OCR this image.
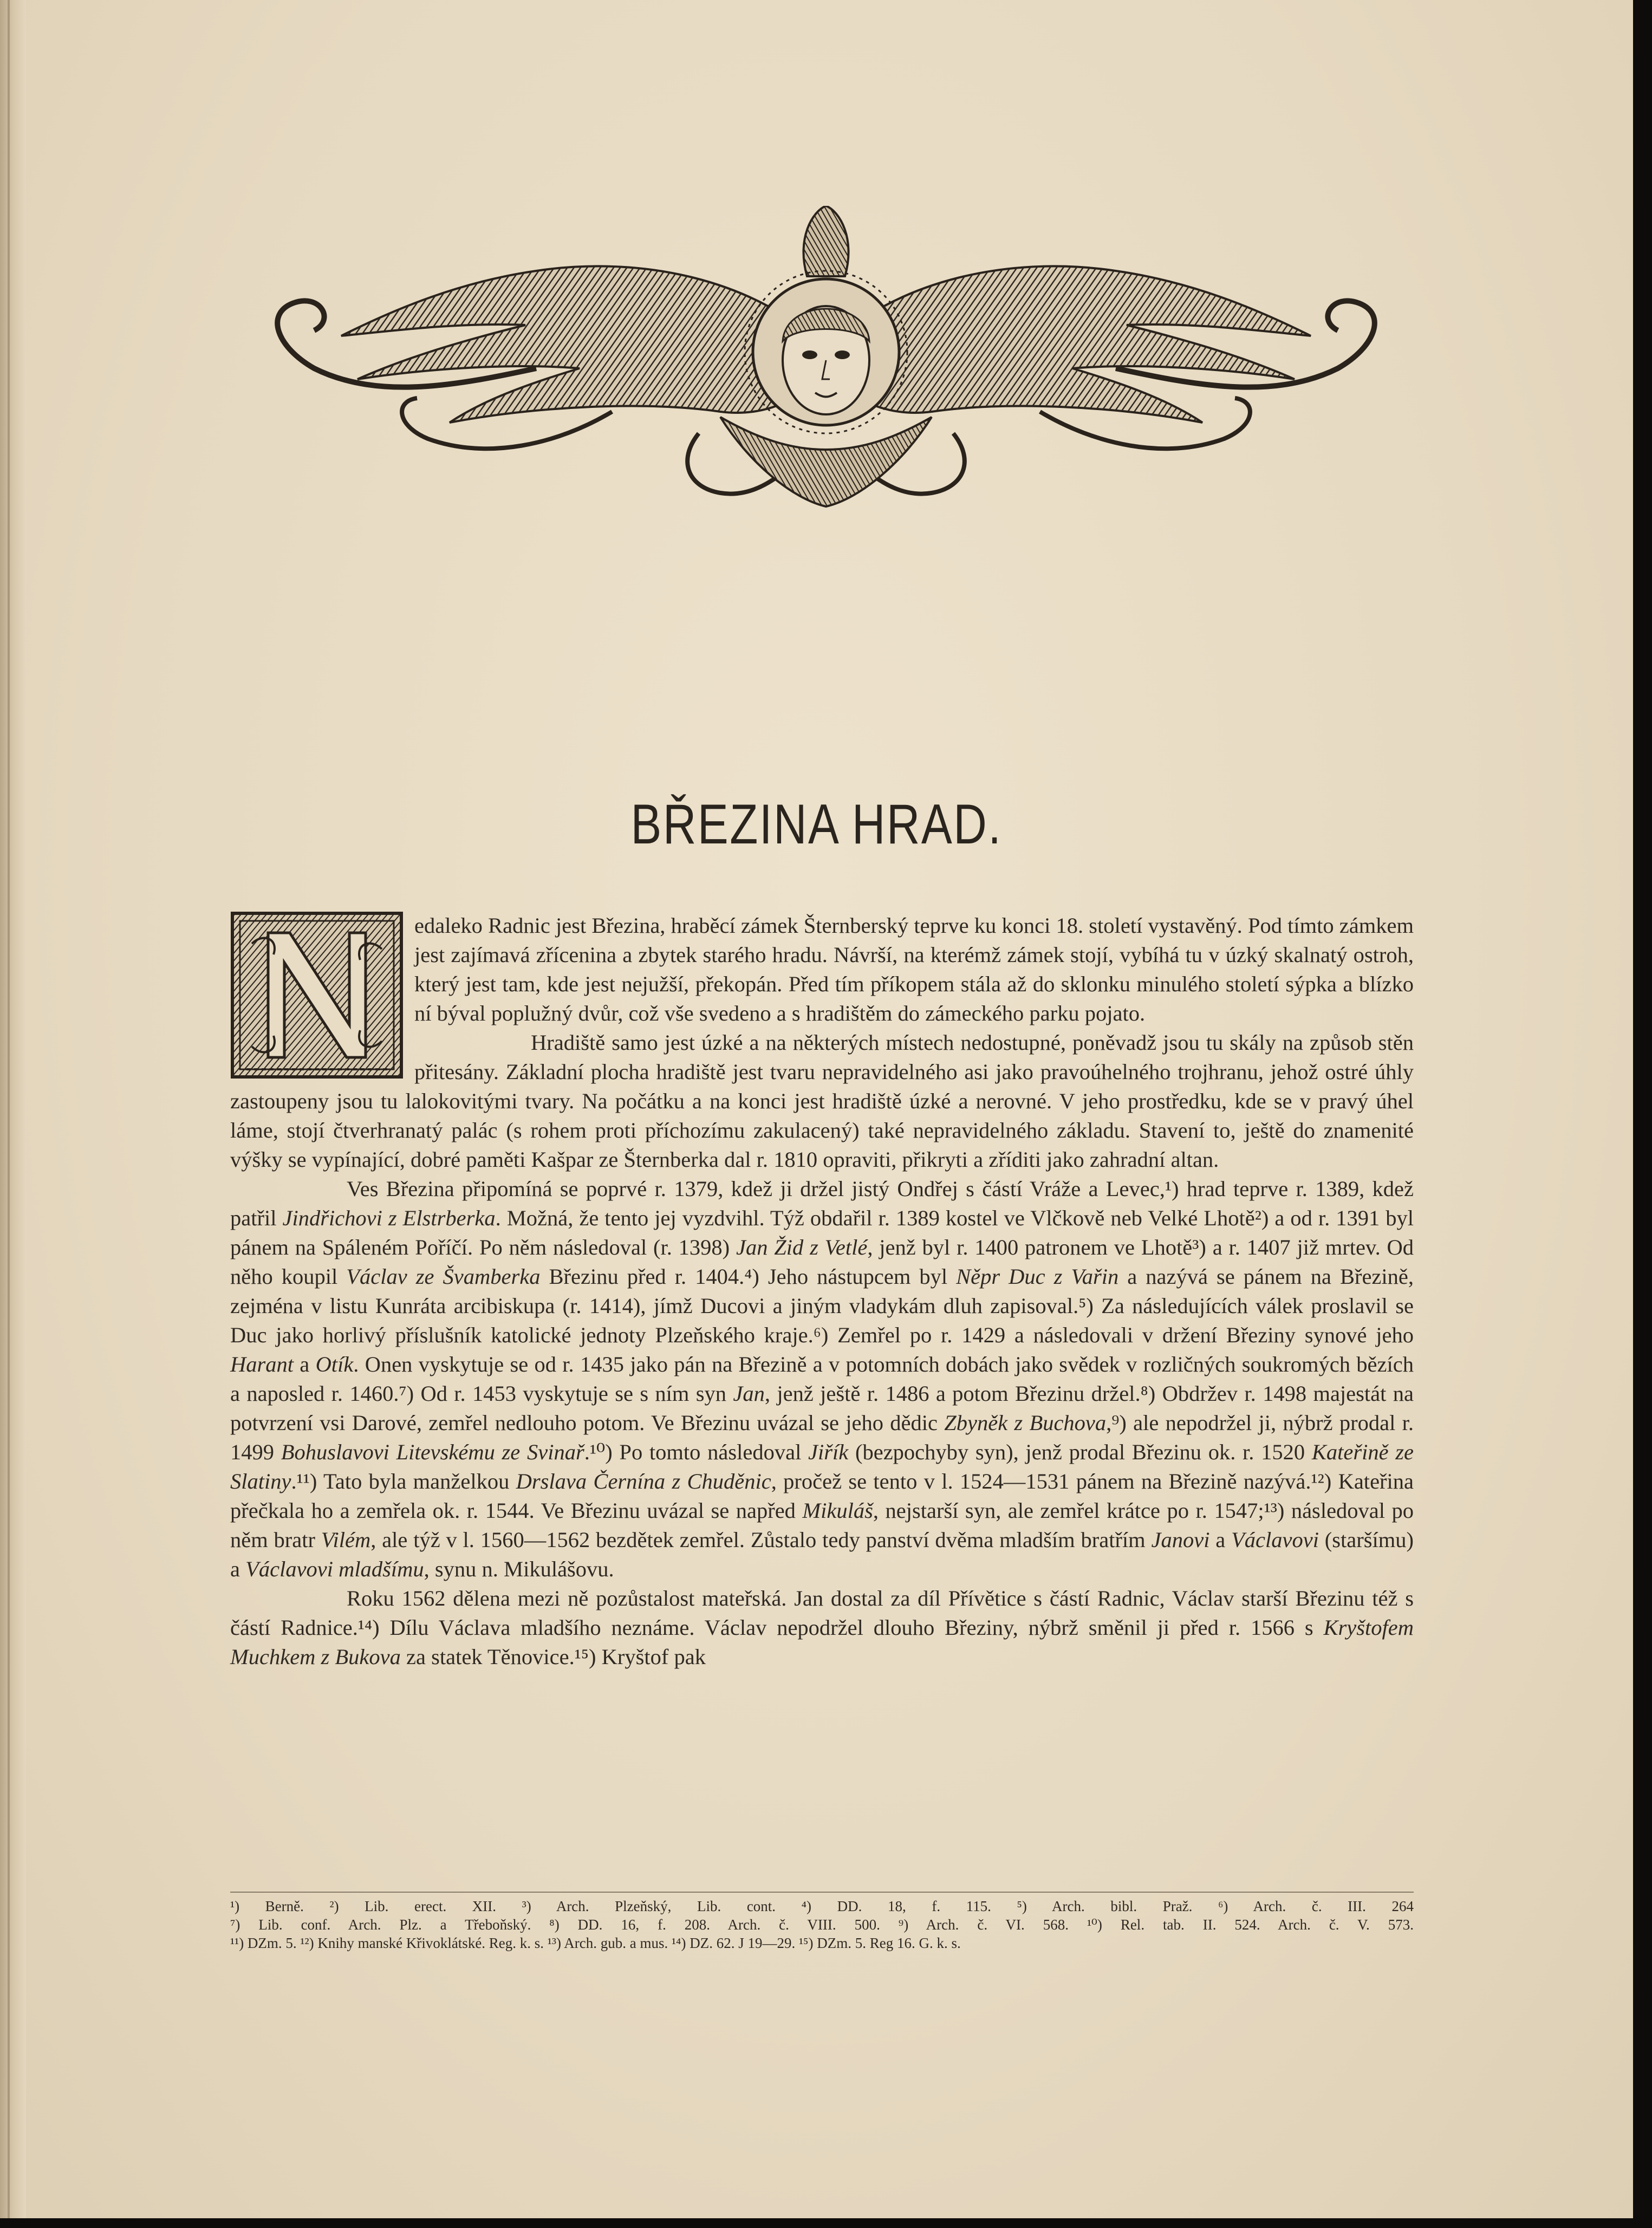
BŘEZINA HRAD.

edaleko Radnic jest Březina, hraběcí zámek Šternberský teprve ku konci 18. století vystavěný. Pod tímto zámkem jest zajímavá zřícenina a zbytek starého hradu. Návrší, na kterémž zámek stojí, vybíhá tu v úzký skalnatý ostroh, který jest tam, kde jest nejužší, překopán. Před tím příkopem stála až do sklonku minulého století sýpka a blízko ní býval poplužný dvůr, což vše svedeno a s hradištěm do zámeckého parku pojato.

Hradiště samo jest úzké a na některých místech nedostupné, poněvadž jsou tu skály na způsob stěn přitesány. Základní plocha hradiště jest tvaru nepravidelného asi jako pravoúhelného trojhranu, jehož ostré úhly zastoupeny jsou tu lalokovitými tvary. Na počátku a na konci jest hradiště úzké a nerovné. V jeho prostředku, kde se v pravý úhel láme, stojí čtverhranatý palác (s rohem proti příchozímu zakulacený) také nepravidelného základu. Stavení to, ještě do znamenité výšky se vypínající, dobré paměti Kašpar ze Šternberka dal r. 1810 opraviti, přikryti a zříditi jako zahradní altan.

Ves Březina připomíná se poprvé r. 1379, kdež ji držel jistý Ondřej s částí Vráže a Levec,¹) hrad teprve r. 1389, kdež patřil Jindřichovi z Elstrberka. Možná, že tento jej vyzdvihl. Týž obdařil r. 1389 kostel ve Vlčkově neb Velké Lhotě²) a od r. 1391 byl pánem na Spáleném Poříčí. Po něm následoval (r. 1398) Jan Žid z Vetlé, jenž byl r. 1400 patronem ve Lhotě³) a r. 1407 již mrtev. Od něho koupil Václav ze Švamberka Březinu před r. 1404.⁴) Jeho nástupcem byl Něpr Duc z Vařin a nazývá se pánem na Březině, zejména v listu Kunráta arcibiskupa (r. 1414), jímž Ducovi a jiným vladykám dluh zapisoval.⁵) Za následujících válek proslavil se Duc jako horlivý příslušník katolické jednoty Plzeňského kraje.⁶) Zemřel po r. 1429 a následovali v držení Březiny synové jeho Harant a Otík. Onen vyskytuje se od r. 1435 jako pán na Březině a v potomních dobách jako svědek v rozličných soukromých bězích a naposled r. 1460.⁷) Od r. 1453 vyskytuje se s ním syn Jan, jenž ještě r. 1486 a potom Březinu držel.⁸) Obdržev r. 1498 majestát na potvrzení vsi Darové, zemřel nedlouho potom. Ve Březinu uvázal se jeho dědic Zbyněk z Buchova,⁹) ale nepodržel ji, nýbrž prodal r. 1499 Bohuslavovi Litevskému ze Svinař.¹⁰) Po tomto následoval Jiřík (bezpochyby syn), jenž prodal Březinu ok. r. 1520 Kateřině ze Slatiny.¹¹) Tato byla manželkou Drslava Černína z Chuděnic, pročež se tento v l. 1524—1531 pánem na Březině nazývá.¹²) Kateřina přečkala ho a zemřela ok. r. 1544. Ve Březinu uvázal se napřed Mikuláš, nejstarší syn, ale zemřel krátce po r. 1547;¹³) následoval po něm bratr Vilém, ale týž v l. 1560—1562 bezdětek zemřel. Zůstalo tedy panství dvěma mladším bratřím Janovi a Václavovi (staršímu) a Václavovi mladšímu, synu n. Mikulášovu.

Roku 1562 dělena mezi ně pozůstalost mateřská. Jan dostal za díl Přívětice s částí Radnic, Václav starší Březinu též s částí Radnice.¹⁴) Dílu Václava mladšího neznáme. Václav nepodržel dlouho Březiny, nýbrž směnil ji před r. 1566 s Kryštofem Muchkem z Bukova za statek Těnovice.¹⁵) Kryštof pak

¹) Berně. ²) Lib. erect. XII. ³) Arch. Plzeňský, Lib. cont. ⁴) DD. 18, f. 115. ⁵) Arch. bibl. Praž. ⁶) Arch. č. III. 264
⁷) Lib. conf. Arch. Plz. a Třeboňský. ⁸) DD. 16, f. 208. Arch. č. VIII. 500. ⁹) Arch. č. VI. 568. ¹⁰) Rel. tab. II. 524. Arch. č. V. 573.
¹¹) DZm. 5. ¹²) Knihy manské Křivoklátské. Reg. k. s. ¹³) Arch. gub. a mus. ¹⁴) DZ. 62. J 19—29. ¹⁵) DZm. 5. Reg 16. G. k. s.
